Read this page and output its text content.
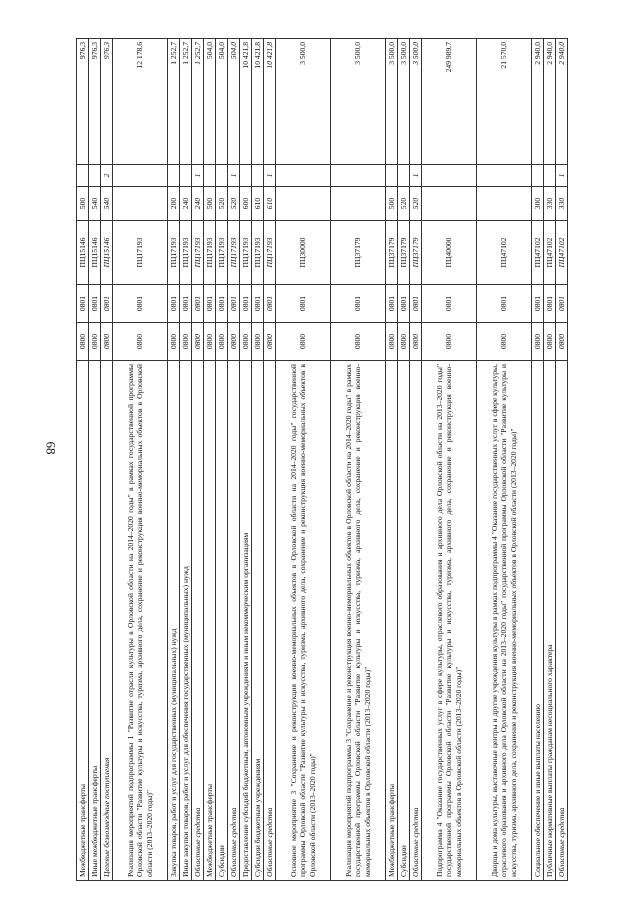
68
Межбюджетные трансферты	0800	0801	ПЦ15146	500		976,3
Иные межбюджетные трансферты	0800	0801	ПЦ15146	540		976,3
Целевые безвозмездные поступления	0800	0801	ПЦ15146	540	2	976,3
Реализация мероприятий подпрограммы 1 "Развитие отрасли культуры в Орловской области на 2014–2020 годы" в рамках государственной программы Орловской области "Развитие культуры и искусства, туризма, архивного дела, сохранение и реконструкция военно-мемориальных объектов в Орловской области (2013–2020 годы)"	0800	0801	ПЦ17193			12 178,6
Закупка товаров, работ и услуг для государственных (муниципальных) нужд	0800	0801	ПЦ17193	200		1 252,7
Иные закупки товаров, работ и услуг для обеспечения государственных (муниципальных) нужд	0800	0801	ПЦ17193	240		1 252,7
Областные средства	0800	0801	ПЦ17193	240	1	1 252,7
Межбюджетные трансферты	0800	0801	ПЦ17193	500		504,0
Субсидии	0800	0801	ПЦ17193	520		504,0
Областные средства	0800	0801	ПЦ17193	520	1	504,0
Предоставление субсидий бюджетным, автономным учреждениям и иным некоммерческим организациям	0800	0801	ПЦ17193	600		10 421,8
Субсидии бюджетным учреждениям	0800	0801	ПЦ17193	610		10 421,8
Областные средства	0800	0801	ПЦ17193	610	1	10 421,8
Основное мероприятие 3 "Сохранение и реконструкция военно-мемориальных объектов в Орловской области на 2014–2020 годы" государственной программы Орловской области "Развитие культуры и искусства, туризма, архивного дела, сохранение и реконструкция военно-мемориальных объектов в Орловской области (2013–2020 годы)"	0800	0801	ПЦ30000			3 500,0
Реализация мероприятий подпрограммы 3 "Сохранение и реконструкция военно-мемориальных объектов в Орловской области на 2014–2020 годы" в рамках государственной программы Орловской области "Развитие культуры и искусства, туризма, архивного дела, сохранение и реконструкция военно-мемориальных объектов в Орловской области (2013–2020 годы)"	0800	0801	ПЦ37179			3 500,0
Межбюджетные трансферты	0800	0801	ПЦ37179	500		3 500,0
Субсидии	0800	0801	ПЦ37179	520		3 500,0
Областные средства	0800	0801	ПЦ37179	520	1	3 500,0
Подпрограмма 4 "Оказание государственных услуг в сфере культуры, отраслевого образования и архивного дела Орловской области на 2013–2020 годы" государственной программы Орловской области "Развитие культуры и искусства, туризма, архивного дела, сохранение и реконструкция военно-мемориальных объектов в Орловской области (2013–2020 годы)"	0800	0801	ПЦ40000			249 989,7
Дворцы и дома культуры, выставочные центры и другие учреждения культуры в рамках подпрограммы 4 "Оказание государственных услуг в сфере культуры, отраслевого образования и архивного дела Орловской области на 2013–2020 годы" государственной программы Орловской области "Развитие культуры и искусства, туризма, архивного дела, сохранение и реконструкция военно-мемориальных объектов в Орловской области (2013–2020 годы)"	0800	0801	ПЦ47102			21 570,0
Социальное обеспечение и иные выплаты населению	0800	0801	ПЦ47102	300		2 940,0
Публичные нормативные выплаты гражданам несоциального характера	0800	0801	ПЦ47102	330		2 940,0
Областные средства	0800	0801	ПЦ47102	330	1	2 940,0
